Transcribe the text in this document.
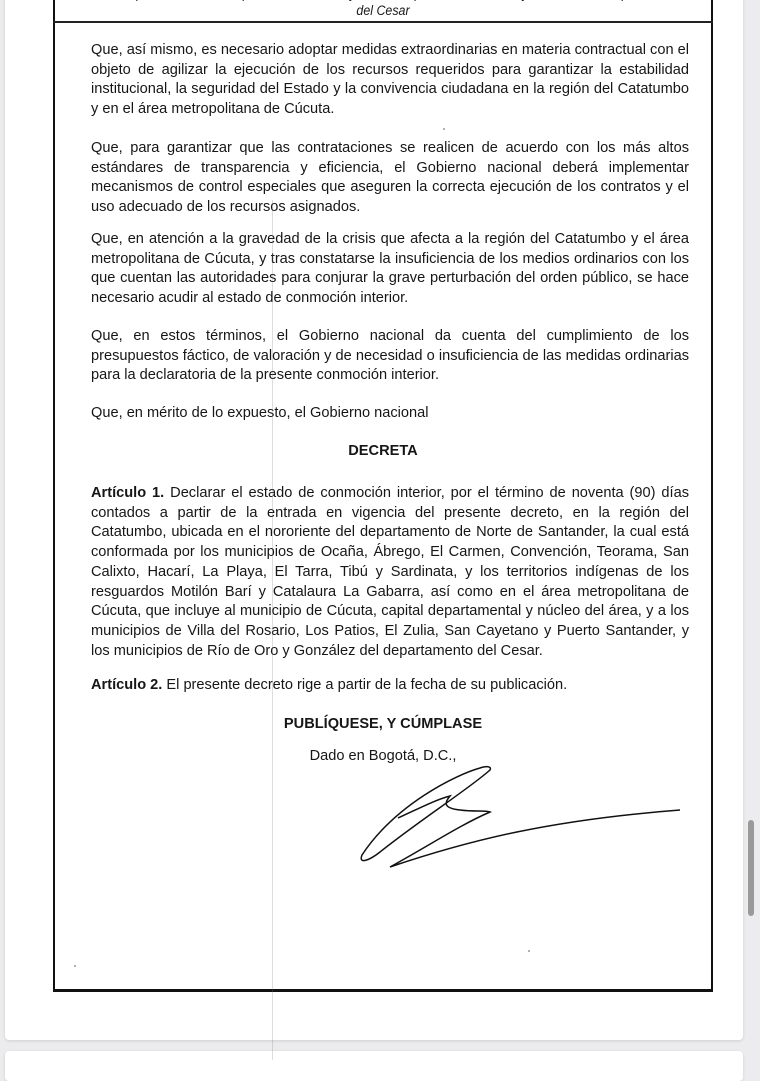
del Cesar

Que, así mismo, es necesario adoptar medidas extraordinarias en materia contractual con el objeto de agilizar la ejecución de los recursos requeridos para garantizar la estabilidad institucional, la seguridad del Estado y la convivencia ciudadana en la región del Catatumbo y en el área metropolitana de Cúcuta.

Que, para garantizar que las contrataciones se realicen de acuerdo con los más altos estándares de transparencia y eficiencia, el Gobierno nacional deberá implementar mecanismos de control especiales que aseguren la correcta ejecución de los contratos y el uso adecuado de los recursos asignados.

Que, en atención a la gravedad de la crisis que afecta a la región del Catatumbo y el área metropolitana de Cúcuta, y tras constatarse la insuficiencia de los medios ordinarios con los que cuentan las autoridades para conjurar la grave perturbación del orden público, se hace necesario acudir al estado de conmoción interior.

Que, en estos términos, el Gobierno nacional da cuenta del cumplimiento de los presupuestos fáctico, de valoración y de necesidad o insuficiencia de las medidas ordinarias para la declaratoria de la presente conmoción interior.

Que, en mérito de lo expuesto, el Gobierno nacional

DECRETA

Artículo 1. Declarar el estado de conmoción interior, por el término de noventa (90) días contados a partir de la entrada en vigencia del presente decreto, en la región del Catatumbo, ubicada en el nororiente del departamento de Norte de Santander, la cual está conformada por los municipios de Ocaña, Ábrego, El Carmen, Convención, Teorama, San Calixto, Hacarí, La Playa, El Tarra, Tibú y Sardinata, y los territorios indígenas de los resguardos Motilón Barí y Catalaura La Gabarra, así como en el área metropolitana de Cúcuta, que incluye al municipio de Cúcuta, capital departamental y núcleo del área, y a los municipios de Villa del Rosario, Los Patios, El Zulia, San Cayetano y Puerto Santander, y los municipios de Río de Oro y González del departamento del Cesar.

Artículo 2. El presente decreto rige a partir de la fecha de su publicación.

PUBLÍQUESE, Y CÚMPLASE
Dado en Bogotá, D.C.,
